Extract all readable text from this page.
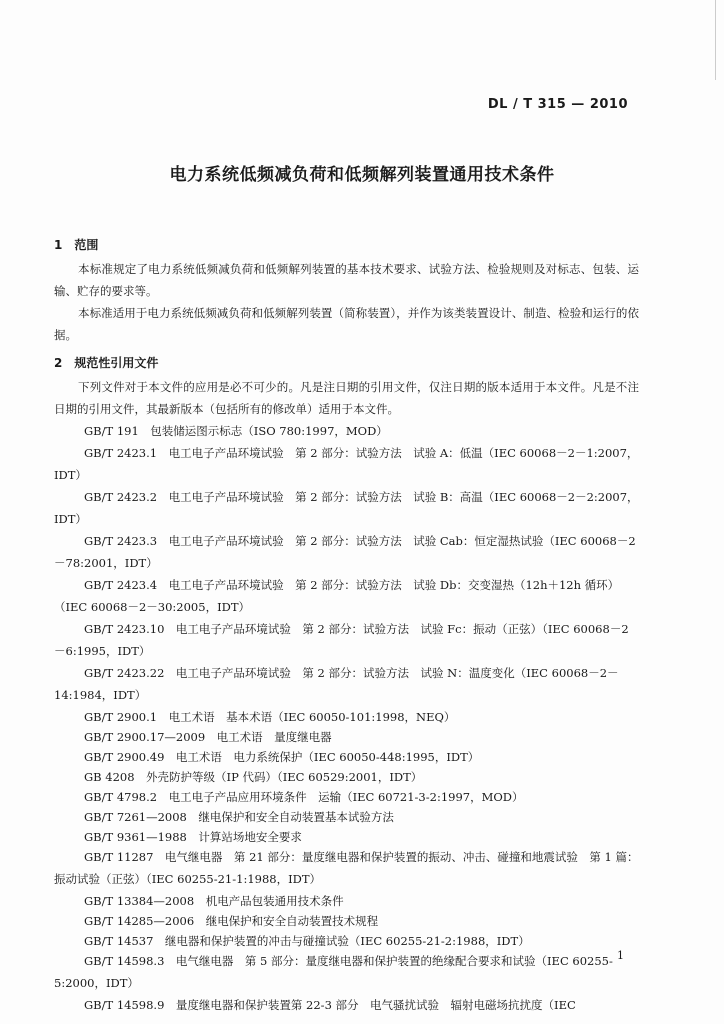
DL / T 315 — 2010
电力系统低频减负荷和低频解列装置通用技术条件
1　范围
本标准规定了电力系统低频减负荷和低频解列装置的基本技术要求、试验方法、检验规则及对标志、包装、运输、贮存的要求等。
本标准适用于电力系统低频减负荷和低频解列装置（简称装置），并作为该类装置设计、制造、检验和运行的依据。
2　规范性引用文件
下列文件对于本文件的应用是必不可少的。凡是注日期的引用文件，仅注日期的版本适用于本文件。凡是不注日期的引用文件，其最新版本（包括所有的修改单）适用于本文件。
GB/T 191　包装储运图示标志（ISO 780:1997，MOD）
GB/T 2423.1　电工电子产品环境试验　第 2 部分：试验方法　试验 A：低温（IEC 60068－2－1:2007，IDT）
GB/T 2423.2　电工电子产品环境试验　第 2 部分：试验方法　试验 B：高温（IEC 60068－2－2:2007，IDT）
GB/T 2423.3　电工电子产品环境试验　第 2 部分：试验方法　试验 Cab：恒定湿热试验（IEC 60068－2－78:2001，IDT）
GB/T 2423.4　电工电子产品环境试验　第 2 部分：试验方法　试验 Db：交变湿热（12h＋12h 循环）（IEC 60068－2－30:2005，IDT）
GB/T 2423.10　电工电子产品环境试验　第 2 部分：试验方法　试验 Fc：振动（正弦）（IEC 60068－2－6:1995，IDT）
GB/T 2423.22　电工电子产品环境试验　第 2 部分：试验方法　试验 N：温度变化（IEC 60068－2－14:1984，IDT）
GB/T 2900.1　电工术语　基本术语（IEC 60050-101:1998，NEQ）
GB/T 2900.17—2009　电工术语　量度继电器
GB/T 2900.49　电工术语　电力系统保护（IEC 60050-448:1995，IDT）
GB 4208　外壳防护等级（IP 代码）（IEC 60529:2001，IDT）
GB/T 4798.2　电工电子产品应用环境条件　运输（IEC 60721-3-2:1997，MOD）
GB/T 7261—2008　继电保护和安全自动装置基本试验方法
GB/T 9361—1988　计算站场地安全要求
GB/T 11287　电气继电器　第 21 部分：量度继电器和保护装置的振动、冲击、碰撞和地震试验　第 1 篇：振动试验（正弦）（IEC 60255-21-1:1988，IDT）
GB/T 13384—2008　机电产品包装通用技术条件
GB/T 14285—2006　继电保护和安全自动装置技术规程
GB/T 14537　继电器和保护装置的冲击与碰撞试验（IEC 60255-21-2:1988，IDT）
GB/T 14598.3　电气继电器　第 5 部分：量度继电器和保护装置的绝缘配合要求和试验（IEC 60255-5:2000，IDT）
GB/T 14598.9　量度继电器和保护装置第 22-3 部分　电气骚扰试验　辐射电磁场抗扰度（IEC
1
